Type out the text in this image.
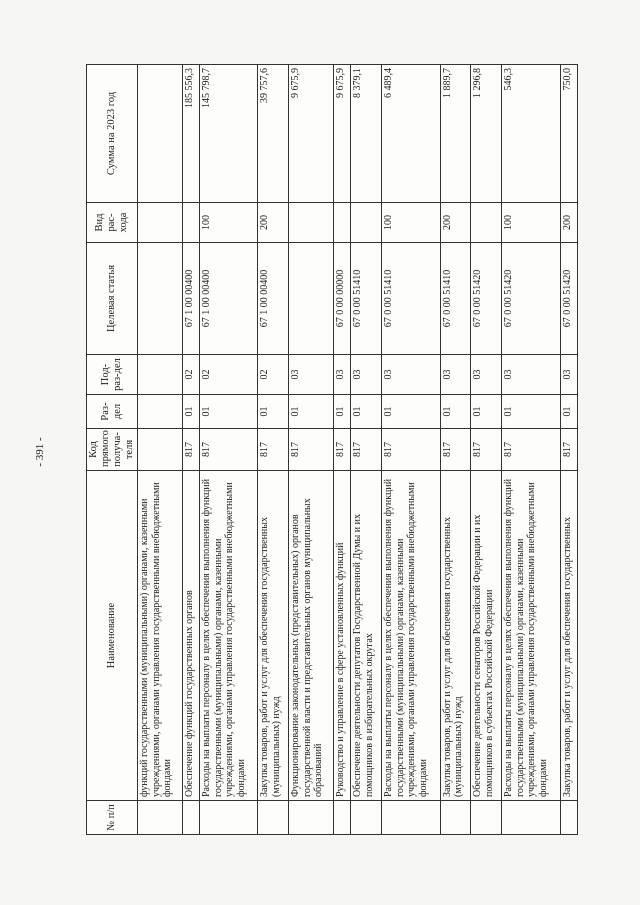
- 391 -
№ п/п	Наименование	Код прямого получа-теля	Раз-дел	Под-раз-дел	Целевая статья	Вид рас-хода	Сумма на 2023 год
	функций государственными (муниципальными) органами, казенными учреждениями, органами управления государственными внебюджетными фондами						
	Обеспечение функций государственных органов	817	01	02	67 1 00 00400		185 556,3
	Расходы на выплаты персоналу в целях обеспечения выполнения функций государственными (муниципальными) органами, казенными учреждениями, органами управления государственными внебюджетными фондами	817	01	02	67 1 00 00400	100	145 798,7
	Закупка товаров, работ и услуг для обеспечения государственных (муниципальных) нужд	817	01	02	67 1 00 00400	200	39 757,6
	Функционирование законодательных (представительных) органов государственной власти и представительных органов муниципальных образований	817	01	03			9 675,9
	Руководство и управление в сфере установленных функций	817	01	03	67 0 00 00000		9 675,9
	Обеспечение деятельности депутатов Государственной Думы и их помощников в избирательных округах	817	01	03	67 0 00 51410		8 379,1
	Расходы на выплаты персоналу в целях обеспечения выполнения функций государственными (муниципальными) органами, казенными учреждениями, органами управления государственными внебюджетными фондами	817	01	03	67 0 00 51410	100	6 489,4
	Закупка товаров, работ и услуг для обеспечения государственных (муниципальных) нужд	817	01	03	67 0 00 51410	200	1 889,7
	Обеспечение деятельности сенаторов Российской Федерации и их помощников в субъектах Российской Федерации	817	01	03	67 0 00 51420		1 296,8
	Расходы на выплаты персоналу в целях обеспечения выполнения функций государственными (муниципальными) органами, казенными учреждениями, органами управления государственными внебюджетными фондами	817	01	03	67 0 00 51420	100	546,3
	Закупка товаров, работ и услуг для обеспечения государственных	817	01	03	67 0 00 51420	200	750,0
